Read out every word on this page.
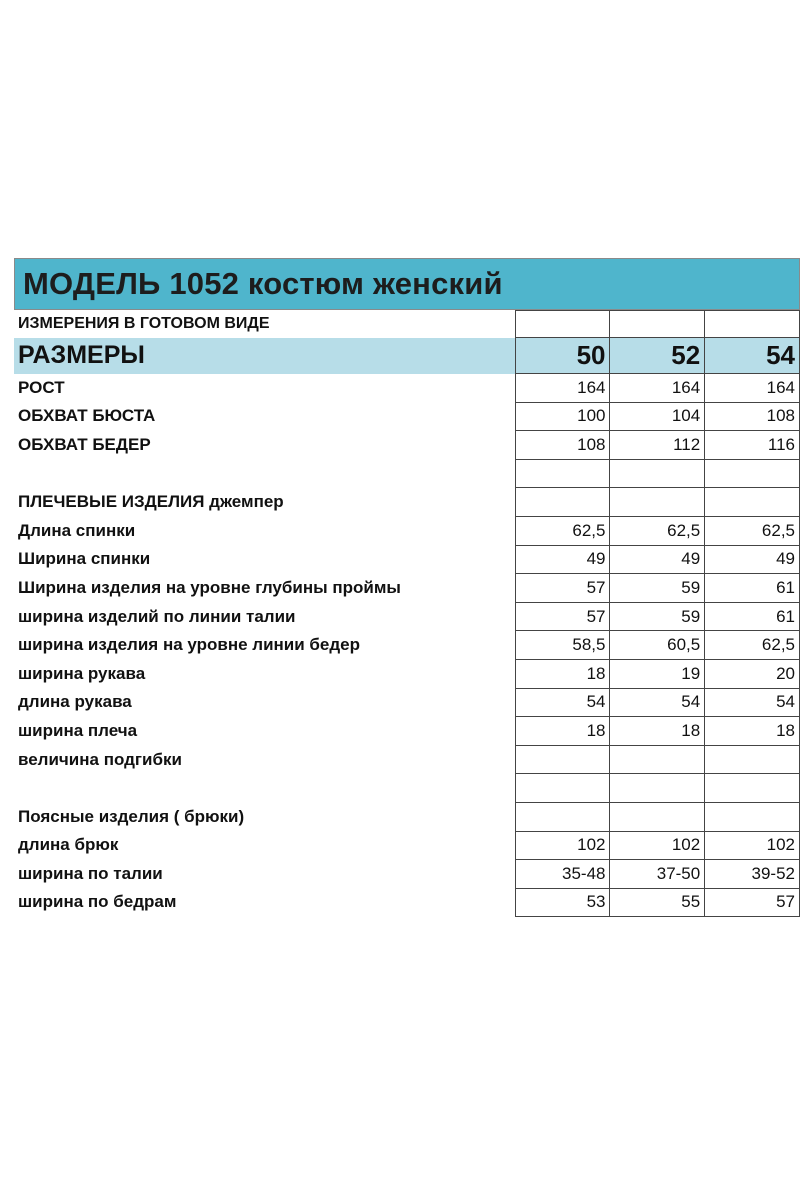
МОДЕЛЬ 1052 костюм женский
ИЗМЕРЕНИЯ В ГОТОВОМ ВИДЕ			
РАЗМЕРЫ	50	52	54
РОСТ	164	164	164
ОБХВАТ БЮСТА	100	104	108
ОБХВАТ БЕДЕР	108	112	116

ПЛЕЧЕВЫЕ ИЗДЕЛИЯ джемпер			
Длина спинки	62,5	62,5	62,5
Ширина спинки	49	49	49
Ширина изделия на уровне глубины проймы	57	59	61
ширина изделий по линии талии	57	59	61
ширина изделия на уровне линии бедер	58,5	60,5	62,5
ширина рукава	18	19	20
длина рукава	54	54	54
ширина плеча	18	18	18
величина подгибки			

Поясные изделия ( брюки)			
длина брюк	102	102	102
ширина по талии	35-48	37-50	39-52
ширина по бедрам	53	55	57
